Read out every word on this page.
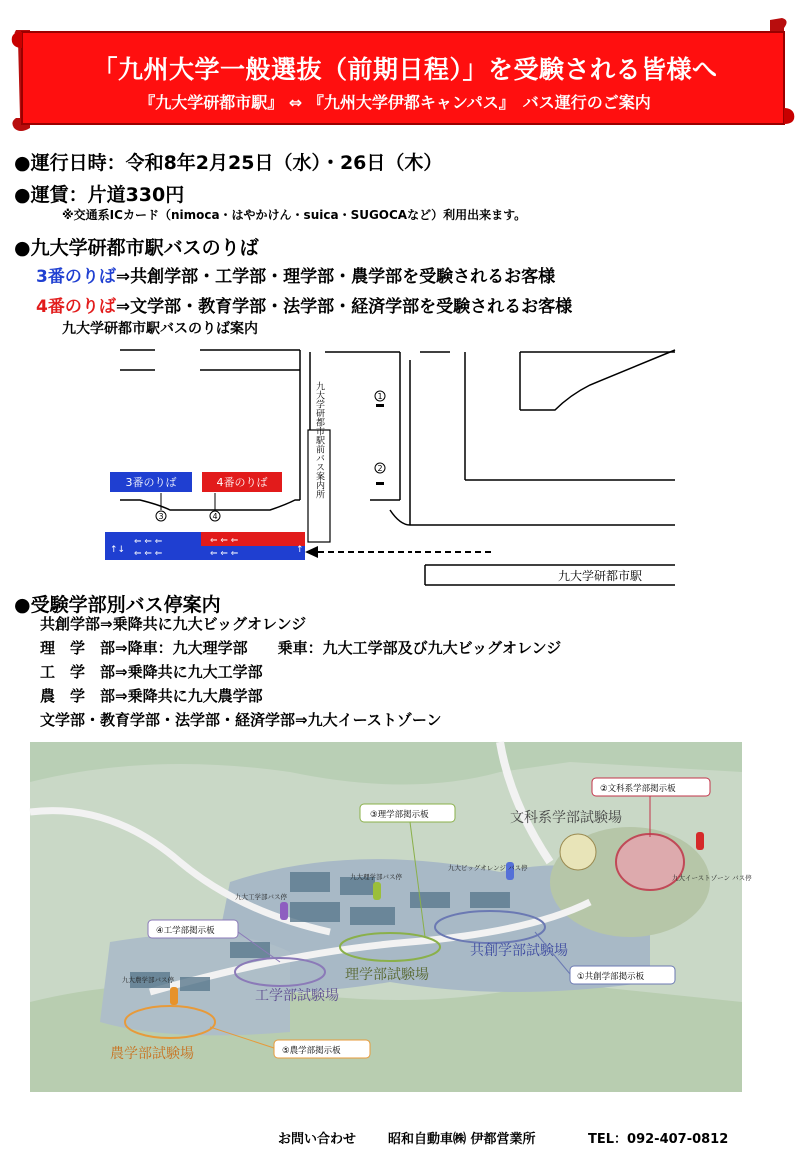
「九州大学一般選抜（前期日程）」を受験される皆様へ
『九大学研都市駅』 ⇔ 『九州大学伊都キャンパス』　バス運行のご案内
●運行日時：令和8年2月25日（水）・26日（木）
●運賃：片道330円
※交通系ICカード（nimoca・はやかけん・suica・SUGOCAなど）利用出来ます。
●九大学研都市駅バスのりば
3番のりば⇒共創学部・工学部・理学部・農学部を受験されるお客様
4番のりば⇒文学部・教育学部・法学部・経済学部を受験されるお客様
九大学研都市駅バスのりば案内
九大学研都市駅前バス案内所
↑↓
⇐ ⇐ ⇐
⇐ ⇐ ⇐
⇐ ⇐ ⇐
⇐ ⇐ ⇐	↑
3番のりば	4番のりば
3	4
1
2
九大学研都市駅
●受験学部別バス停案内
共創学部⇒乗降共に九大ビッグオレンジ
理　学　部⇒降車：九大理学部　　乗車：九大工学部及び九大ビッグオレンジ
工　学　部⇒乗降共に九大工学部
農　学　部⇒乗降共に九大農学部
文学部・教育学部・法学部・経済学部⇒九大イーストゾーン
九大イーストゾーン バス停
九大ビッグオレンジ バス停
九大理学部バス停
九大工学部バス停
九大農学部バス停
文科系学部試験場
共創学部試験場
理学部試験場
工学部試験場
農学部試験場
②文科系学部掲示板
③理学部掲示板
①共創学部掲示板
④工学部掲示板
⑤農学部掲示板
お問い合わせ 昭和自動車㈱ 伊都営業所	TEL：092-407-0812
